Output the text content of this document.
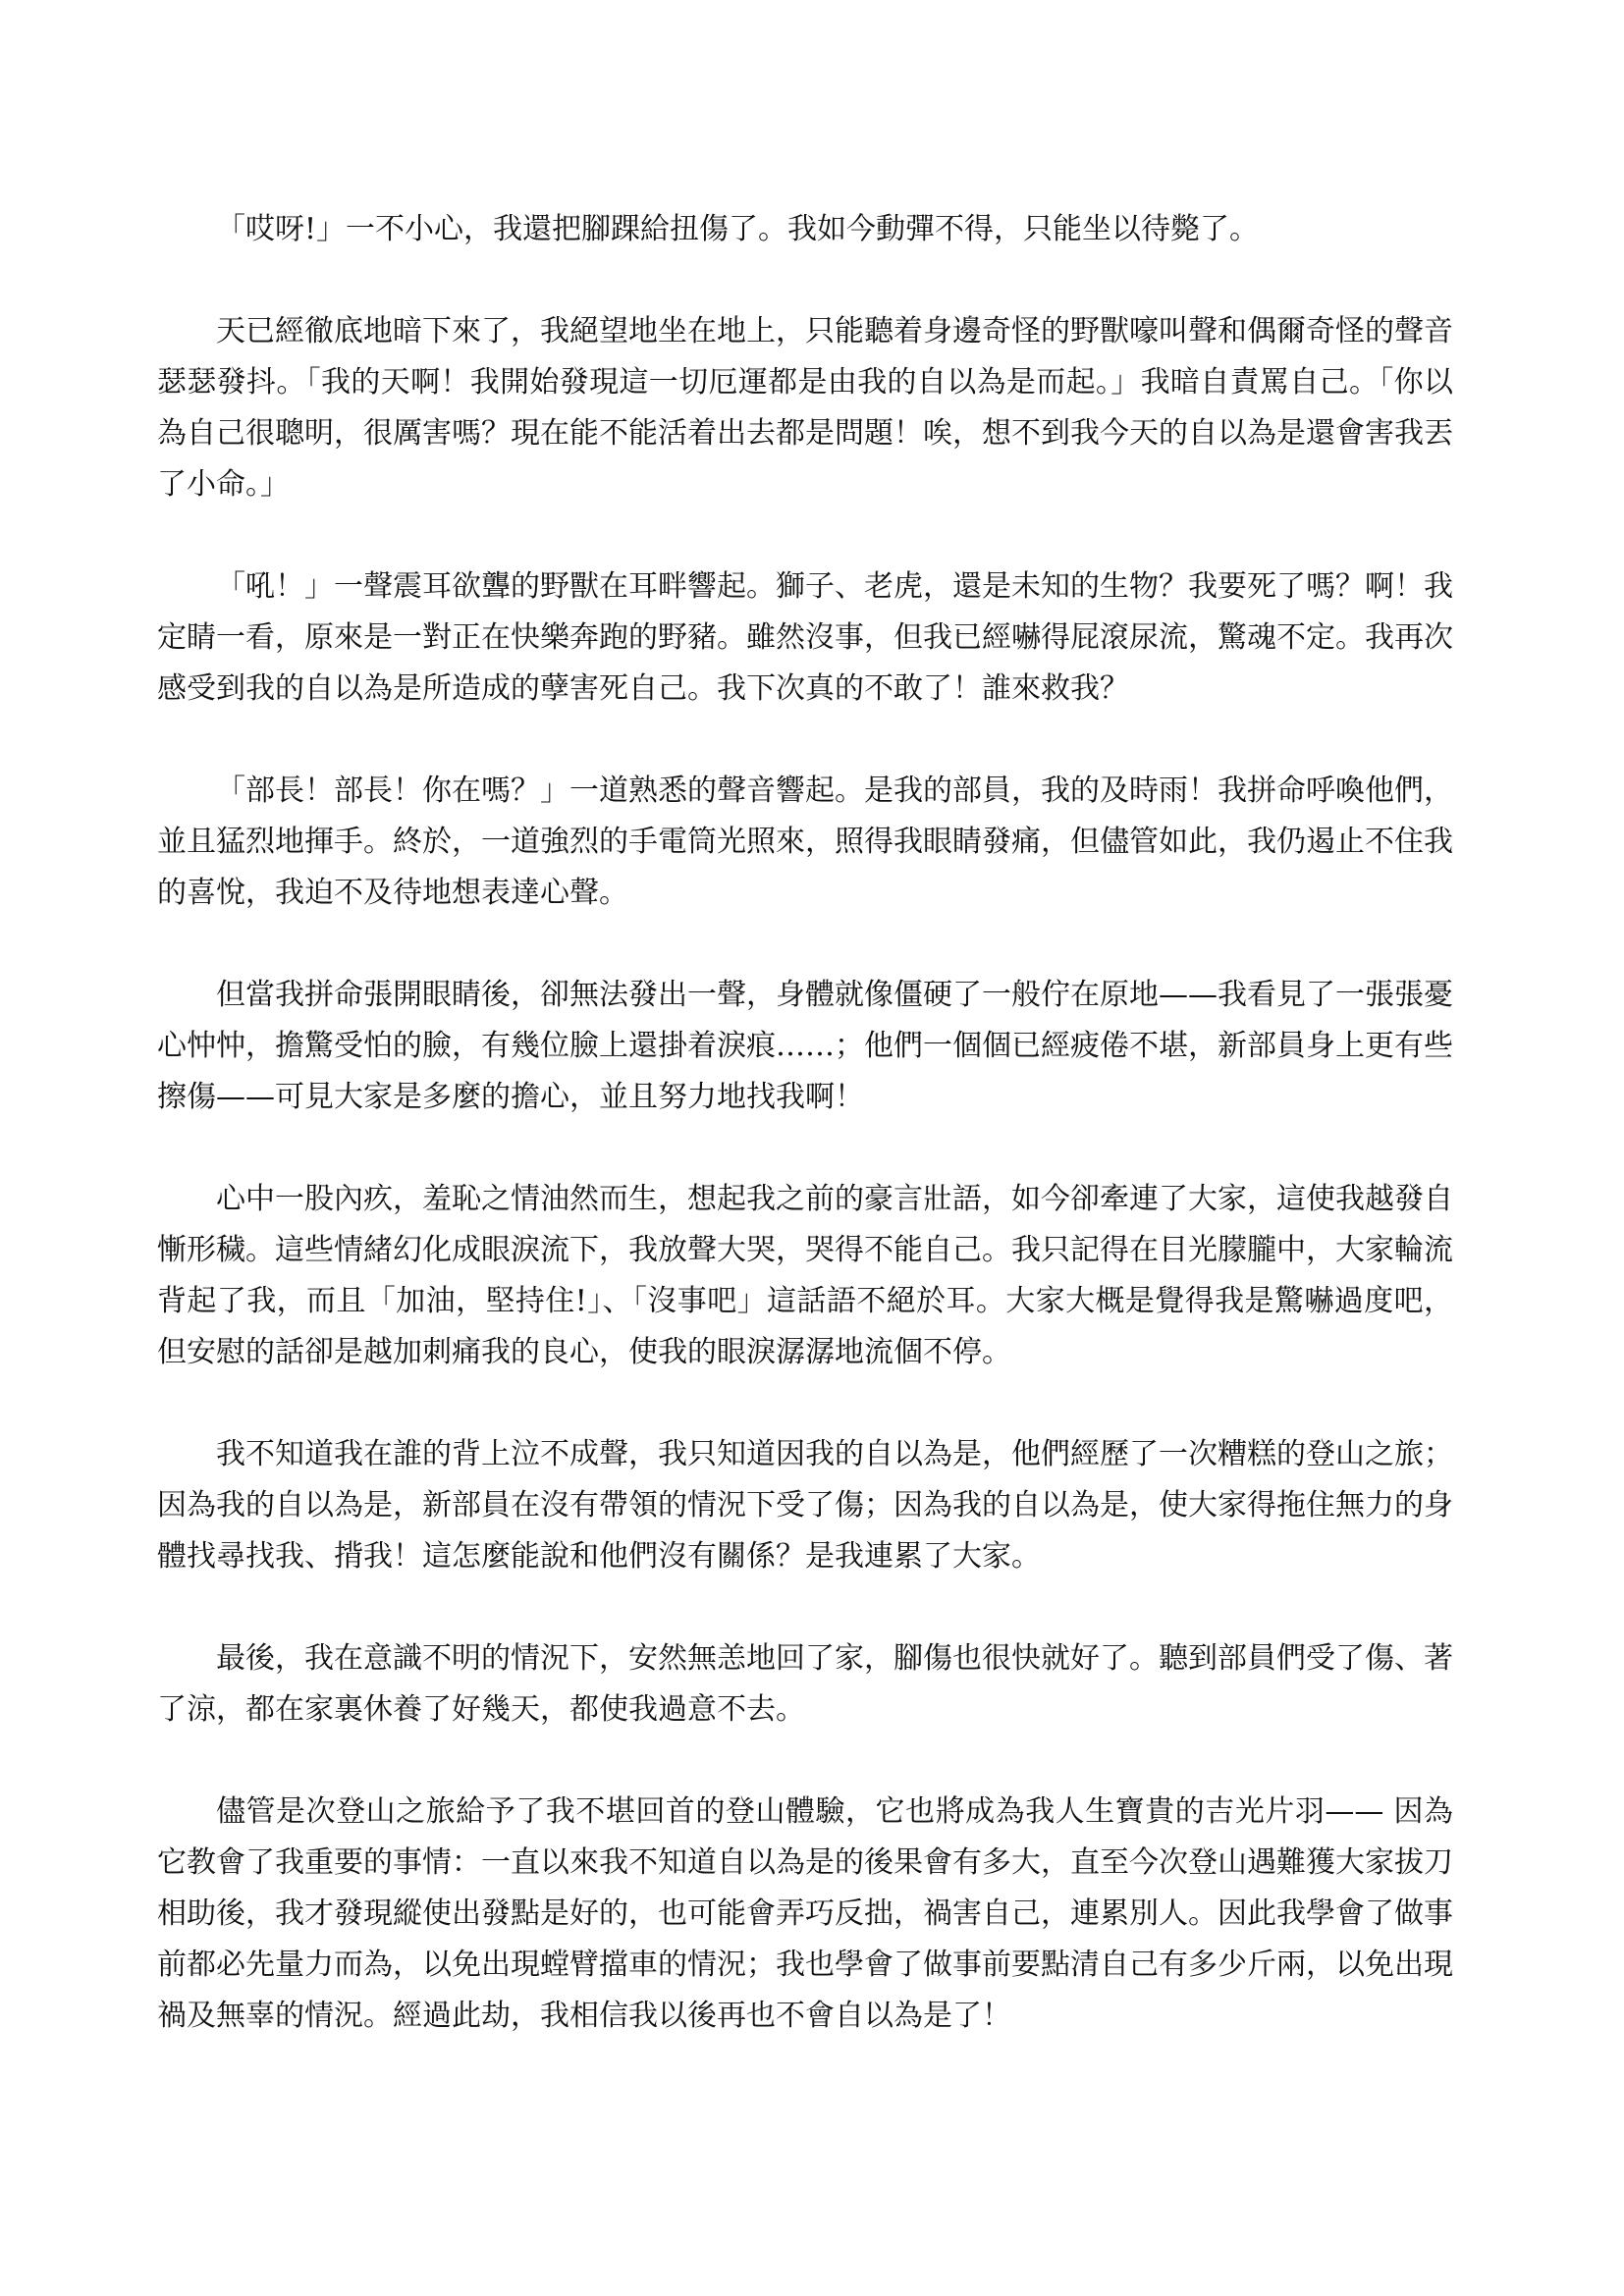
「哎呀!」一不小心，我還把腳踝給扭傷了。我如今動彈不得，只能坐以待斃了。

天已經徹底地暗下來了，我絕望地坐在地上，只能聽着身邊奇怪的野獸嚎叫聲和偶爾奇怪的聲音瑟瑟發抖。「我的天啊！我開始發現這一切厄運都是由我的自以為是而起。」我暗自責罵自己。「你以為自己很聰明，很厲害嗎？現在能不能活着出去都是問題！唉，想不到我今天的自以為是還會害我丟了小命。」

「吼！」一聲震耳欲聾的野獸在耳畔響起。獅子、老虎，還是未知的生物？我要死了嗎？啊！我定睛一看，原來是一對正在快樂奔跑的野豬。雖然沒事，但我已經嚇得屁滾尿流，驚魂不定。我再次感受到我的自以為是所造成的孽害死自己。我下次真的不敢了！誰來救我？

「部長！部長！你在嗎？」一道熟悉的聲音響起。是我的部員，我的及時雨！我拼命呼喚他們，並且猛烈地揮手。終於，一道強烈的手電筒光照來，照得我眼睛發痛，但儘管如此，我仍遏止不住我的喜悅，我迫不及待地想表達心聲。

但當我拼命張開眼睛後，卻無法發出一聲，身體就像僵硬了一般佇在原地——我看見了一張張憂心忡忡，擔驚受怕的臉，有幾位臉上還掛着淚痕……；他們一個個已經疲倦不堪，新部員身上更有些擦傷——可見大家是多麼的擔心，並且努力地找我啊！

心中一股內疚，羞恥之情油然而生，想起我之前的豪言壯語，如今卻牽連了大家，這使我越發自慚形穢。這些情緒幻化成眼淚流下，我放聲大哭，哭得不能自己。我只記得在目光朦朧中，大家輪流背起了我，而且「加油，堅持住!」、「沒事吧」這話語不絕於耳。大家大概是覺得我是驚嚇過度吧，但安慰的話卻是越加刺痛我的良心，使我的眼淚潺潺地流個不停。

我不知道我在誰的背上泣不成聲，我只知道因我的自以為是，他們經歷了一次糟糕的登山之旅；因為我的自以為是，新部員在沒有帶領的情況下受了傷；因為我的自以為是，使大家得拖住無力的身體找尋找我、揹我！這怎麼能說和他們沒有關係？是我連累了大家。

最後，我在意識不明的情況下，安然無恙地回了家，腳傷也很快就好了。聽到部員們受了傷、著了涼，都在家裏休養了好幾天，都使我過意不去。

儘管是次登山之旅給予了我不堪回首的登山體驗，它也將成為我人生寶貴的吉光片羽—— 因為它教會了我重要的事情：一直以來我不知道自以為是的後果會有多大，直至今次登山遇難獲大家拔刀相助後，我才發現縱使出發點是好的，也可能會弄巧反拙，禍害自己，連累別人。因此我學會了做事前都必先量力而為，以免出現螳臂擋車的情況；我也學會了做事前要點清自己有多少斤兩，以免出現禍及無辜的情況。經過此劫，我相信我以後再也不會自以為是了！
